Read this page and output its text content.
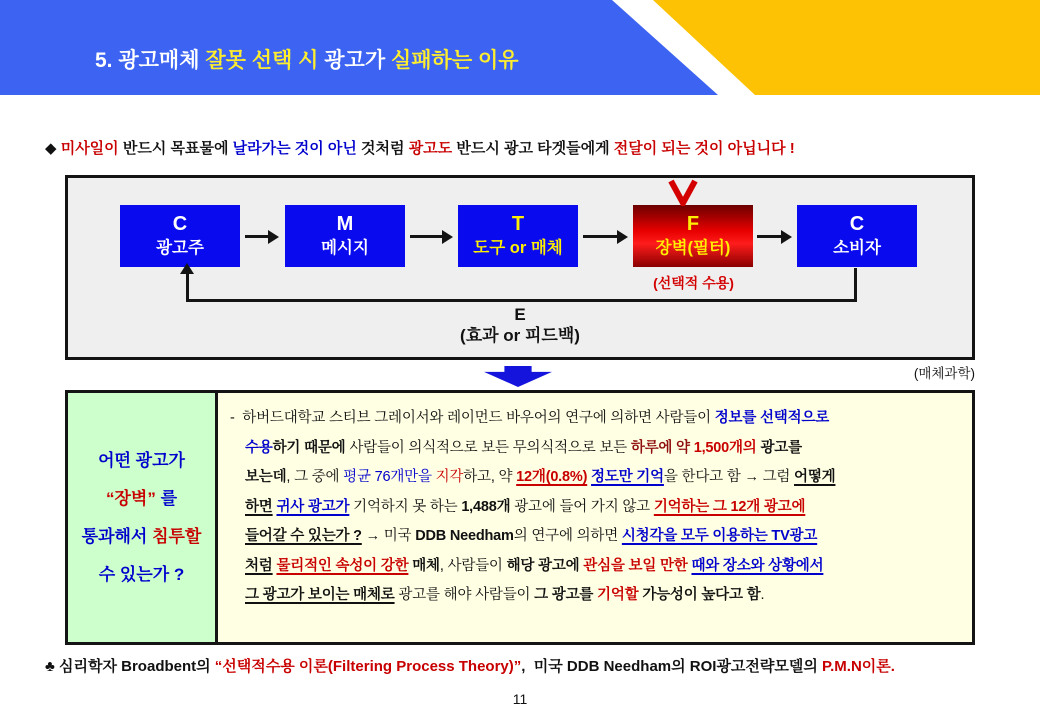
5. 광고매체 잘못 선택 시 광고가 실패하는 이유

◆ 미사일이 반드시 목표물에 날라가는 것이 아닌 것처럼 광고도 반드시 광고 타겟들에게 전달이 되는 것이 아닙니다 !

C
광고주
M
메시지
T
도구 or 매체
F
장벽(필터)
C
소비자
(선택적 수용)
E
(효과 or 피드백)
(매체과학)
어떤 광고가
“장벽” 를
통과해서 침투할
수 있는가 ?
-  하버드대학교 스티브 그레이서와 레이먼드 바우어의 연구에 의하면 사람들이 정보를 선택적으로
수용하기 때문에 사람들이 의식적으로 보든 무의식적으로 보든 하루에 약 1,500개의 광고를
보는데, 그 중에 평균 76개만을 지각하고, 약 12개(0.8%) 정도만 기억을 한다고 함 → 그럼 어떻게
하면 귀사 광고가 기억하지 못 하는 1,488개 광고에 들어 가지 않고 기억하는 그 12개 광고에
들어갈 수 있는가 ? → 미국 DDB Needham의 연구에 의하면 시청각을 모두 이용하는 TV광고
처럼 물리적인 속성이 강한 매체, 사람들이 해당 광고에 관심을 보일 만한 때와 장소와 상황에서
그 광고가 보이는 매체로 광고를 해야 사람들이 그 광고를 기억할 가능성이 높다고 함.

♣ 심리학자 Broadbent의 “선택적수용 이론(Filtering Process Theory)”,  미국 DDB Needham의 ROI광고전략모델의 P.M.N이론.

11
